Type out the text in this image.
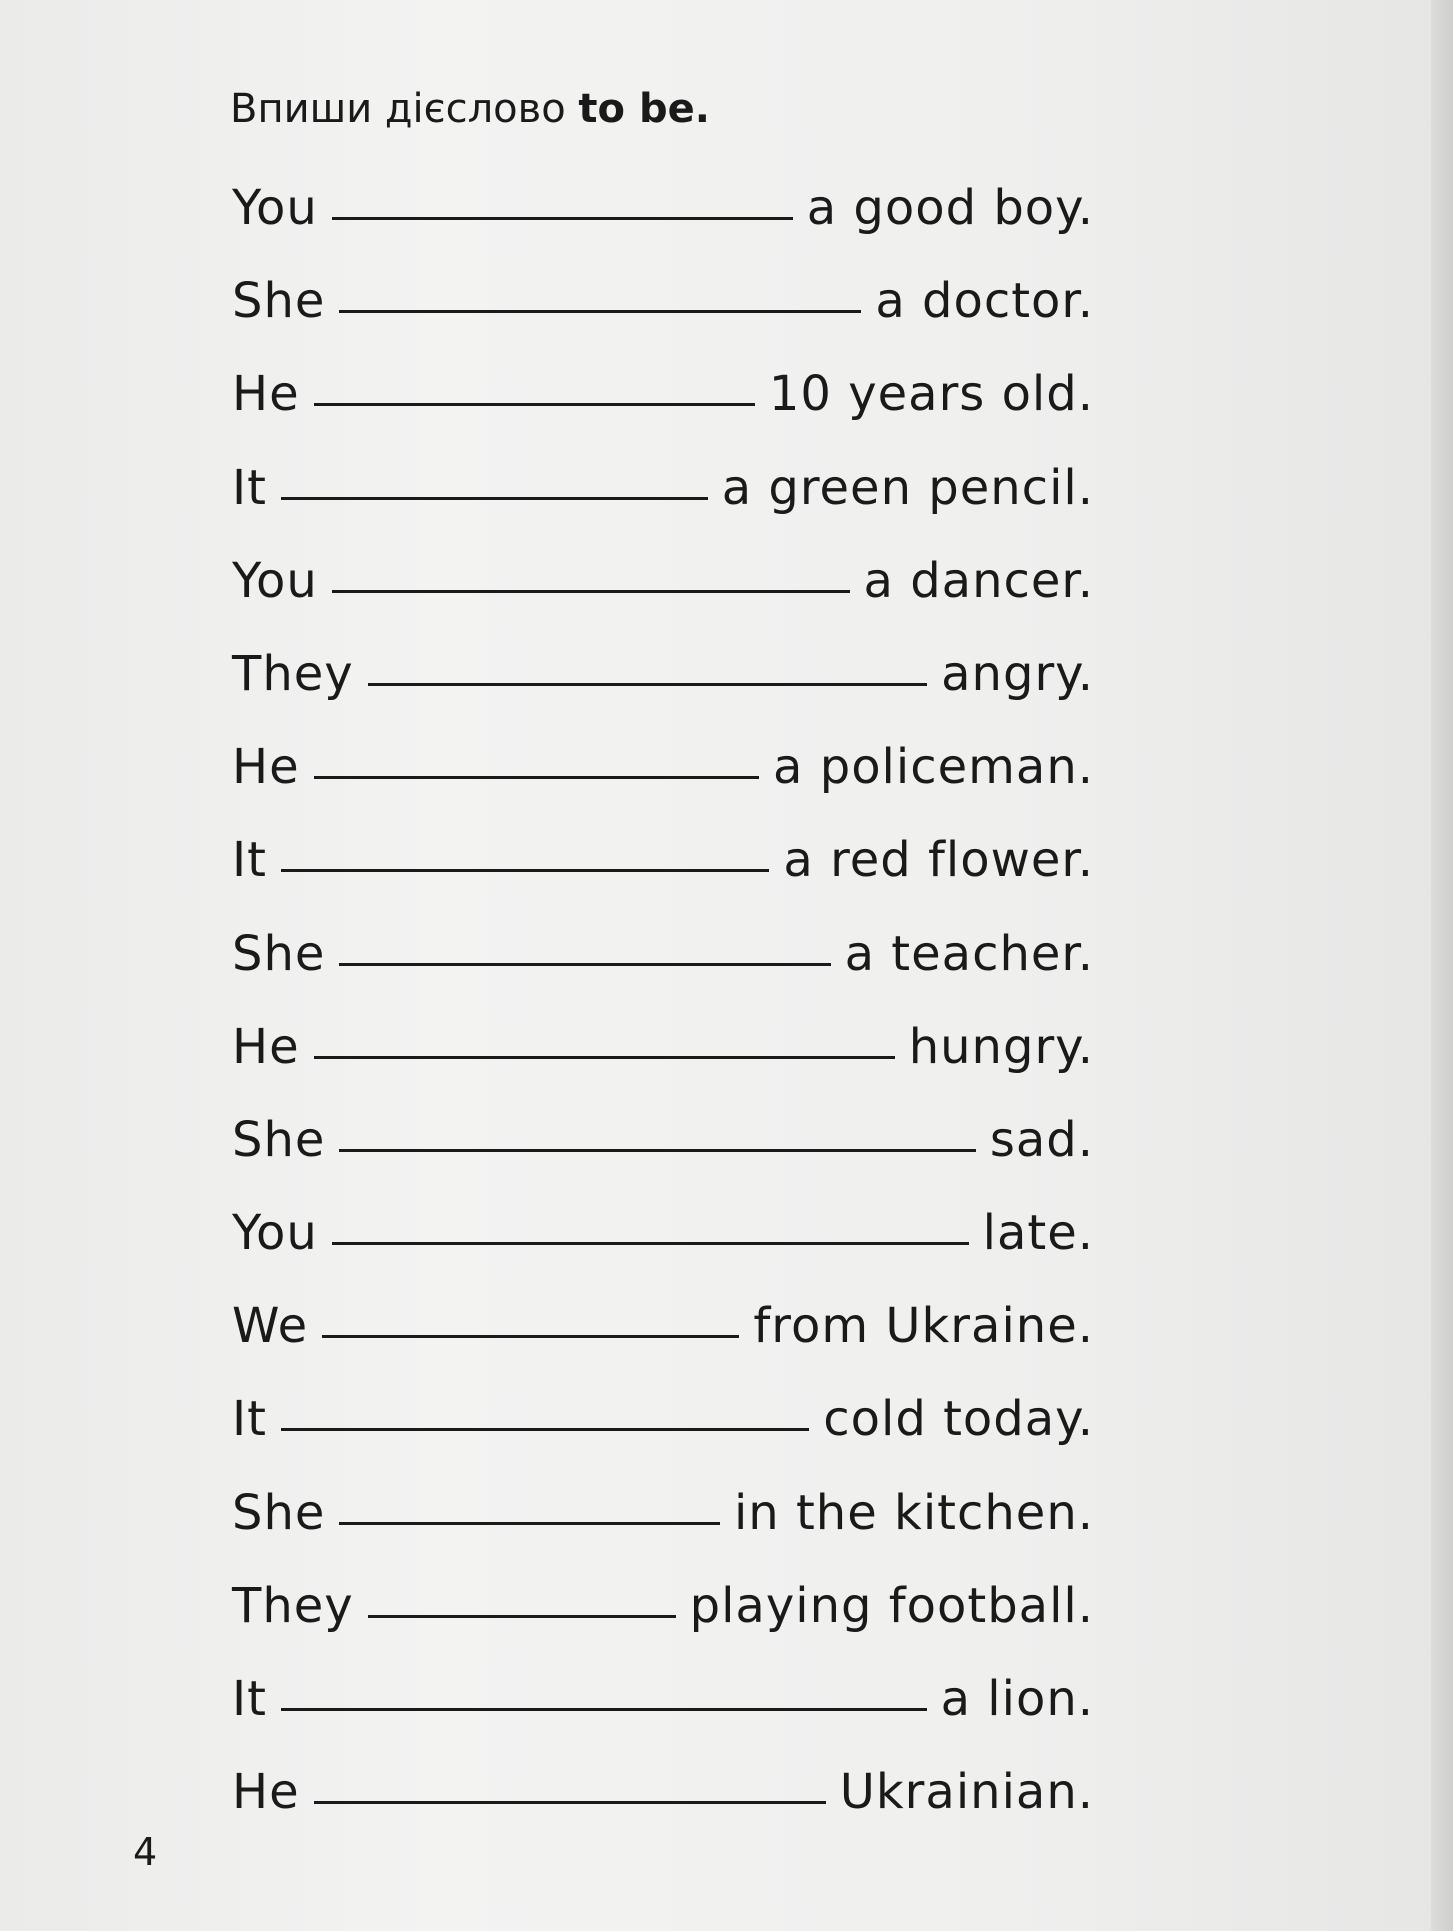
Впиши дієслово to be.
You	a good boy.
She	a doctor.
He	10 years old.
It	a green pencil.
You	a dancer.
They	angry.
He	a policeman.
It	a red flower.
She	a teacher.
He	hungry.
She	sad.
You	late.
We	from Ukraine.
It	cold today.
She	in the kitchen.
They	playing football.
It	a lion.
He	Ukrainian.
4
